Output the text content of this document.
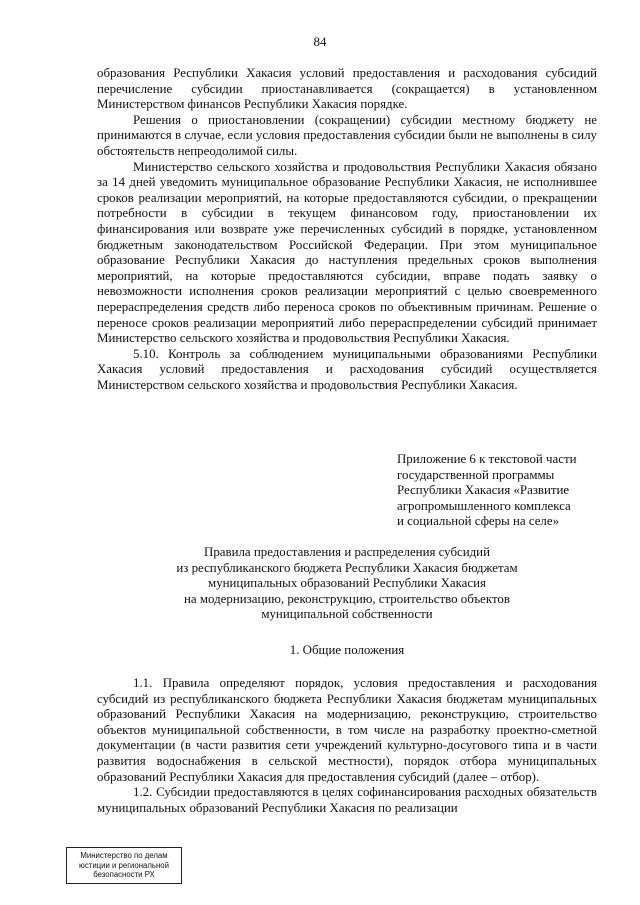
84

образования Республики Хакасия условий предоставления и расходования субсидий перечисление субсидии приостанавливается (сокращается) в установленном Министерством финансов Республики Хакасия порядке.

Решения о приостановлении (сокращении) субсидии местному бюджету не принимаются в случае, если условия предоставления субсидии были не выполнены в силу обстоятельств непреодолимой силы.

Министерство сельского хозяйства и продовольствия Республики Хакасия обязано за 14 дней уведомить муниципальное образование Республики Хакасия, не исполнившее сроков реализации мероприятий, на которые предоставляются субсидии, о прекращении потребности в субсидии в текущем финансовом году, приостановлении их финансирования или возврате уже перечисленных субсидий в порядке, установленном бюджетным законодательством Российской Федерации. При этом муниципальное образование Республики Хакасия до наступления предельных сроков выполнения мероприятий, на которые предоставляются субсидии, вправе подать заявку о невозможности исполнения сроков реализации мероприятий с целью своевременного перераспределения средств либо переноса сроков по объективным причинам. Решение о переносе сроков реализации мероприятий либо перераспределении субсидий принимает Министерство сельского хозяйства и продовольствия Республики Хакасия.

5.10. Контроль за соблюдением муниципальными образованиями Республики Хакасия условий предоставления и расходования субсидий осуществляется Министерством сельского хозяйства и продовольствия Республики Хакасия.

Приложение 6 к текстовой части
государственной программы
Республики Хакасия «Развитие
агропромышленного комплекса
и социальной сферы на селе»
Правила предоставления и распределения субсидий
из республиканского бюджета Республики Хакасия бюджетам
муниципальных образований Республики Хакасия
на модернизацию, реконструкцию, строительство объектов
муниципальной собственности
1. Общие положения

1.1. Правила определяют порядок, условия предоставления и расходования субсидий из республиканского бюджета Республики Хакасия бюджетам муниципальных образований Республики Хакасия на модернизацию, реконструкцию, строительство объектов муниципальной собственности, в том числе на разработку проектно-сметной документации (в части развития сети учреждений культурно-досугового типа и в части развития водоснабжения в сельской местности), порядок отбора муниципальных образований Республики Хакасия для предоставления субсидий (далее – отбор).

1.2. Субсидии предоставляются в целях софинансирования расходных обязательств муниципальных образований Республики Хакасия по реализации

Министерство по делам
юстиции и региональной
безопасности РХ
